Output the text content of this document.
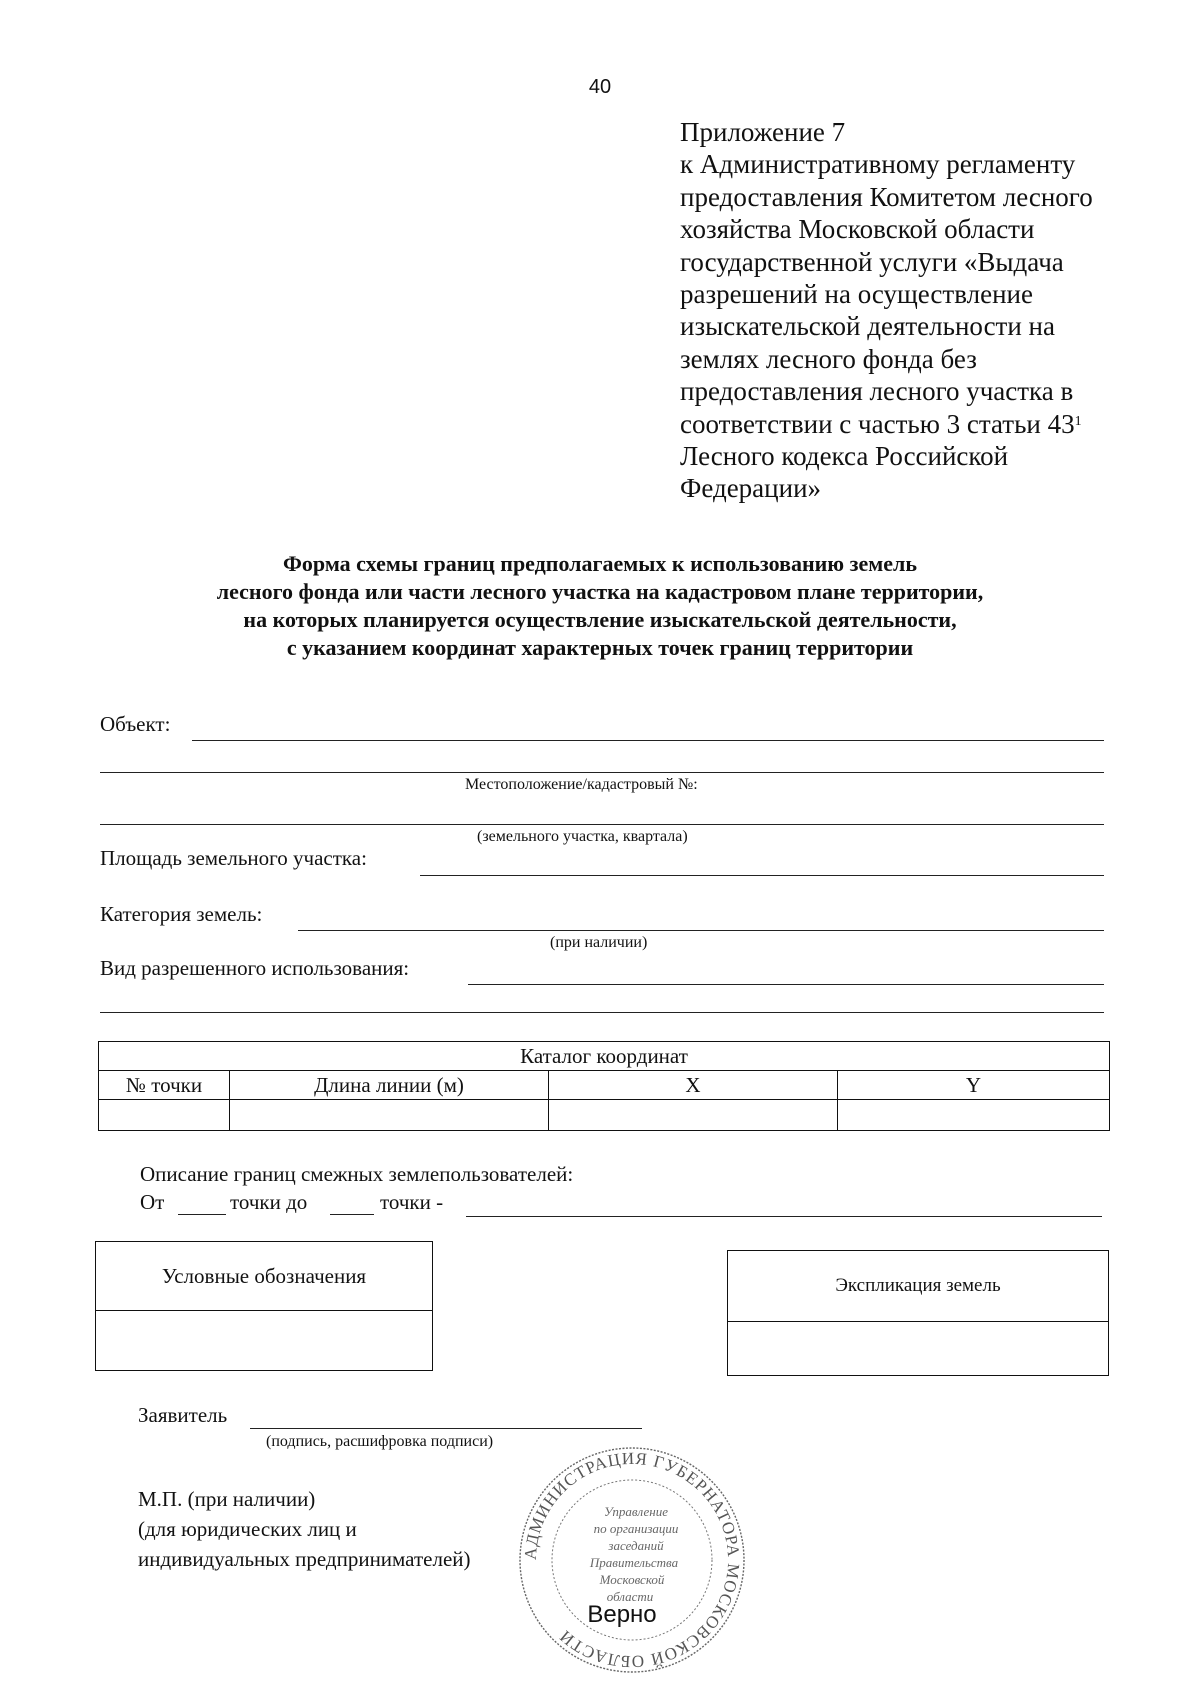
40
Приложение 7
к Административному регламенту
предоставления Комитетом лесного
хозяйства Московской области
государственной услуги «Выдача
разрешений на осуществление
изыскательской деятельности на
землях лесного фонда без
предоставления лесного участка в
соответствии с частью 3 статьи $43^1$
Лесного кодекса Российской
Федерации»
Форма схемы границ предполагаемых к использованию земель
лесного фонда или части лесного участка на кадастровом плане территории,
на которых планируется осуществление изыскательской деятельности,
с указанием координат характерных точек границ территории
Объект:
Местоположение/кадастровый №:
(земельного участка, квартала)
Площадь земельного участка:
Категория земель:
(при наличии)
Вид разрешенного использования:
Каталог координат			
№ точки	Длина линии (м)	X	Y

Описание границ смежных землепользователей:
От	точки до	точки -
Условные обозначения	Экспликация земель
Заявитель
(подпись, расшифровка подписи)
М.П. (при наличии)
(для юридических лиц и
индивидуальных предпринимателей)	АДМИНИСТРАЦИЯ ГУБЕРНАТОРА МОСКОВСКОЙ ОБЛАСТИ
Управление
по организации
заседаний
Правительства
Московской
области
Верно
